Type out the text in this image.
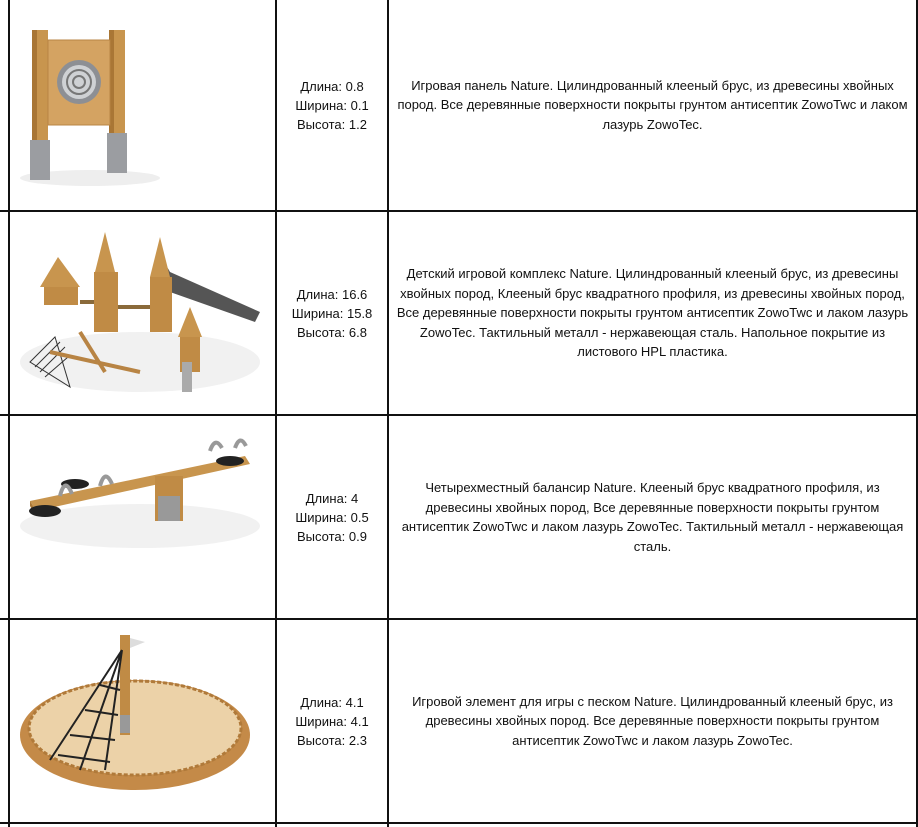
Длина: 0.8
Ширина: 0.1
Высота: 1.2
Игровая панель Nature. Цилиндрованный клееный брус, из древесины хвойных пород. Все деревянные поверхности покрыты грунтом антисептик ZowoTwc и лаком лазурь ZowoTec.
Длина: 16.6
Ширина: 15.8
Высота: 6.8
Детский игровой комплекс Nature. Цилиндрованный клееный брус, из древесины хвойных пород, Клееный брус квадратного профиля, из древесины хвойных пород, Все деревянные поверхности покрыты грунтом антисептик ZowoTwc и лаком лазурь ZowoTec. Тактильный металл - нержавеющая сталь. Напольное покрытие из листового HPL пластика.
Длина: 4
Ширина: 0.5
Высота: 0.9
Четырехместный балансир Nature. Клееный брус квадратного профиля, из древесины хвойных пород, Все деревянные поверхности покрыты грунтом антисептик ZowoTwc и лаком лазурь ZowoTec. Тактильный металл - нержавеющая сталь.
Длина: 4.1
Ширина: 4.1
Высота: 2.3
Игровой элемент для игры с песком Nature. Цилиндрованный клееный брус, из древесины хвойных пород. Все деревянные поверхности покрыты грунтом антисептик ZowoTwc и лаком лазурь ZowoTec.
